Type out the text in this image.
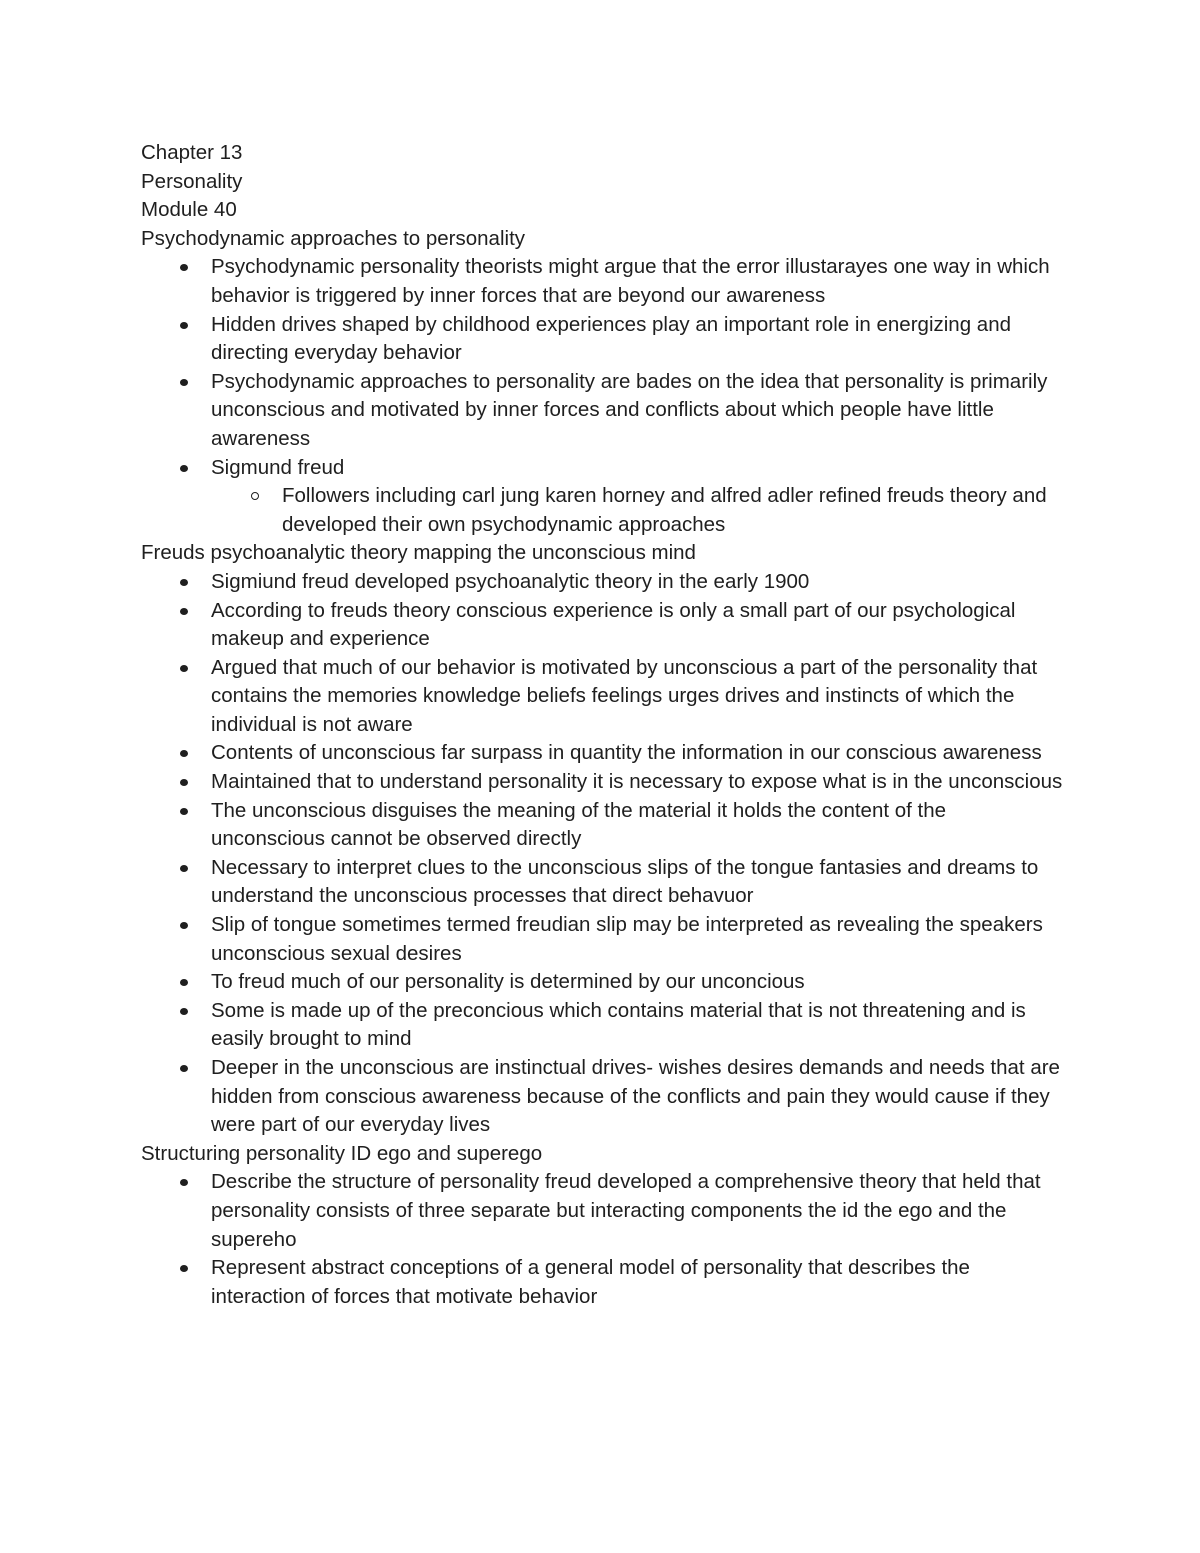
Chapter 13

Personality

Module 40

Psychodynamic approaches to personality

Psychodynamic personality theorists might argue that the error illustarayes one way in which behavior is triggered by inner forces that are beyond our awareness
Hidden drives shaped by childhood experiences play an important role in energizing and directing everyday behavior
Psychodynamic approaches to personality are bades on the idea that personality is primarily unconscious and motivated by inner forces and conflicts about which people have little awareness
Sigmund freud
Followers including carl jung karen horney and alfred adler refined freuds theory and developed their own psychodynamic approaches

Freuds psychoanalytic theory mapping the unconscious mind

Sigmiund freud developed psychoanalytic theory in the early 1900
According to freuds theory conscious experience is only a small part of our psychological makeup and experience
Argued that much of our behavior is motivated by unconscious a part of the personality that contains the memories knowledge beliefs feelings urges drives and instincts of which the individual is not aware
Contents of unconscious far surpass in quantity the information in our conscious awareness
Maintained that to understand personality it is necessary to expose what is in the unconscious
The unconscious disguises the meaning of the material it holds the content of the unconscious cannot be observed directly
Necessary to interpret clues to the unconscious slips of the tongue fantasies and dreams to understand the unconscious processes that direct behavuor
Slip of tongue sometimes termed freudian slip may be interpreted as revealing the speakers unconscious sexual desires
To freud much of our personality is determined by our unconcious
Some is made up of the preconcious which contains material that is not threatening and is easily brought to mind
Deeper in the unconscious are instinctual drives- wishes desires demands and needs that are hidden from conscious awareness because of the conflicts and pain they would cause if they were part of our everyday lives

Structuring personality ID ego and superego

Describe the structure of personality freud developed a comprehensive theory that held that personality consists of three separate but interacting components the id the ego and the supereho
Represent abstract conceptions of a general model of personality that describes the interaction of forces that motivate behavior
